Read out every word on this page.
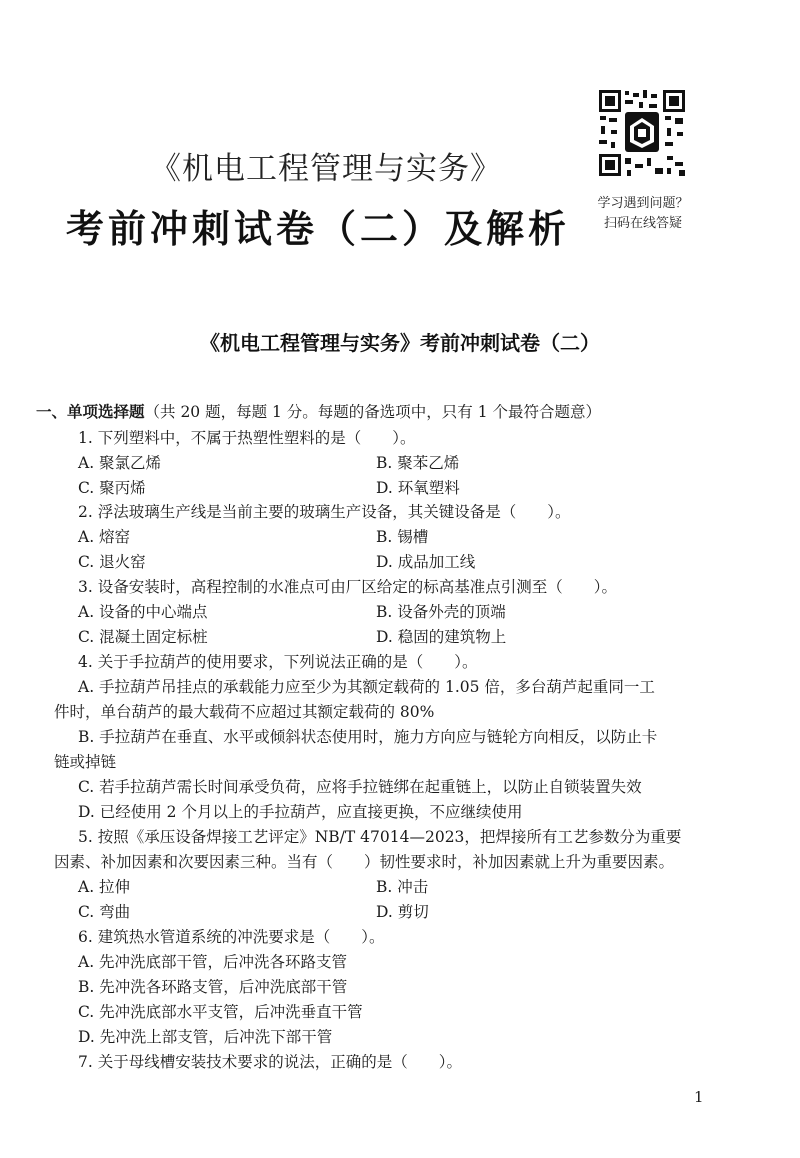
《机电工程管理与实务》
考前冲刺试卷（二）及解析
学习遇到问题？
扫码在线答疑
《机电工程管理与实务》考前冲刺试卷（二）
一、单项选择题（共 20 题，每题 1 分。每题的备选项中，只有 1 个最符合题意）
1. 下列塑料中，不属于热塑性塑料的是（　　）。
A. 聚氯乙烯	B. 聚苯乙烯
C. 聚丙烯	D. 环氧塑料
2. 浮法玻璃生产线是当前主要的玻璃生产设备，其关键设备是（　　）。
A. 熔窑	B. 锡槽
C. 退火窑	D. 成品加工线
3. 设备安装时，高程控制的水准点可由厂区给定的标高基准点引测至（　　）。
A. 设备的中心端点	B. 设备外壳的顶端
C. 混凝土固定标桩	D. 稳固的建筑物上
4. 关于手拉葫芦的使用要求，下列说法正确的是（　　）。
A. 手拉葫芦吊挂点的承载能力应至少为其额定载荷的 1.05 倍，多台葫芦起重同一工
件时，单台葫芦的最大载荷不应超过其额定载荷的 80%
B. 手拉葫芦在垂直、水平或倾斜状态使用时，施力方向应与链轮方向相反，以防止卡
链或掉链
C. 若手拉葫芦需长时间承受负荷，应将手拉链绑在起重链上，以防止自锁装置失效
D. 已经使用 2 个月以上的手拉葫芦，应直接更换，不应继续使用
5. 按照《承压设备焊接工艺评定》NB/T 47014—2023，把焊接所有工艺参数分为重要
因素、补加因素和次要因素三种。当有（　　）韧性要求时，补加因素就上升为重要因素。
A. 拉伸	B. 冲击
C. 弯曲	D. 剪切
6. 建筑热水管道系统的冲洗要求是（　　）。
A. 先冲洗底部干管，后冲洗各环路支管
B. 先冲洗各环路支管，后冲洗底部干管
C. 先冲洗底部水平支管，后冲洗垂直干管
D. 先冲洗上部支管，后冲洗下部干管
7. 关于母线槽安装技术要求的说法，正确的是（　　）。
1
